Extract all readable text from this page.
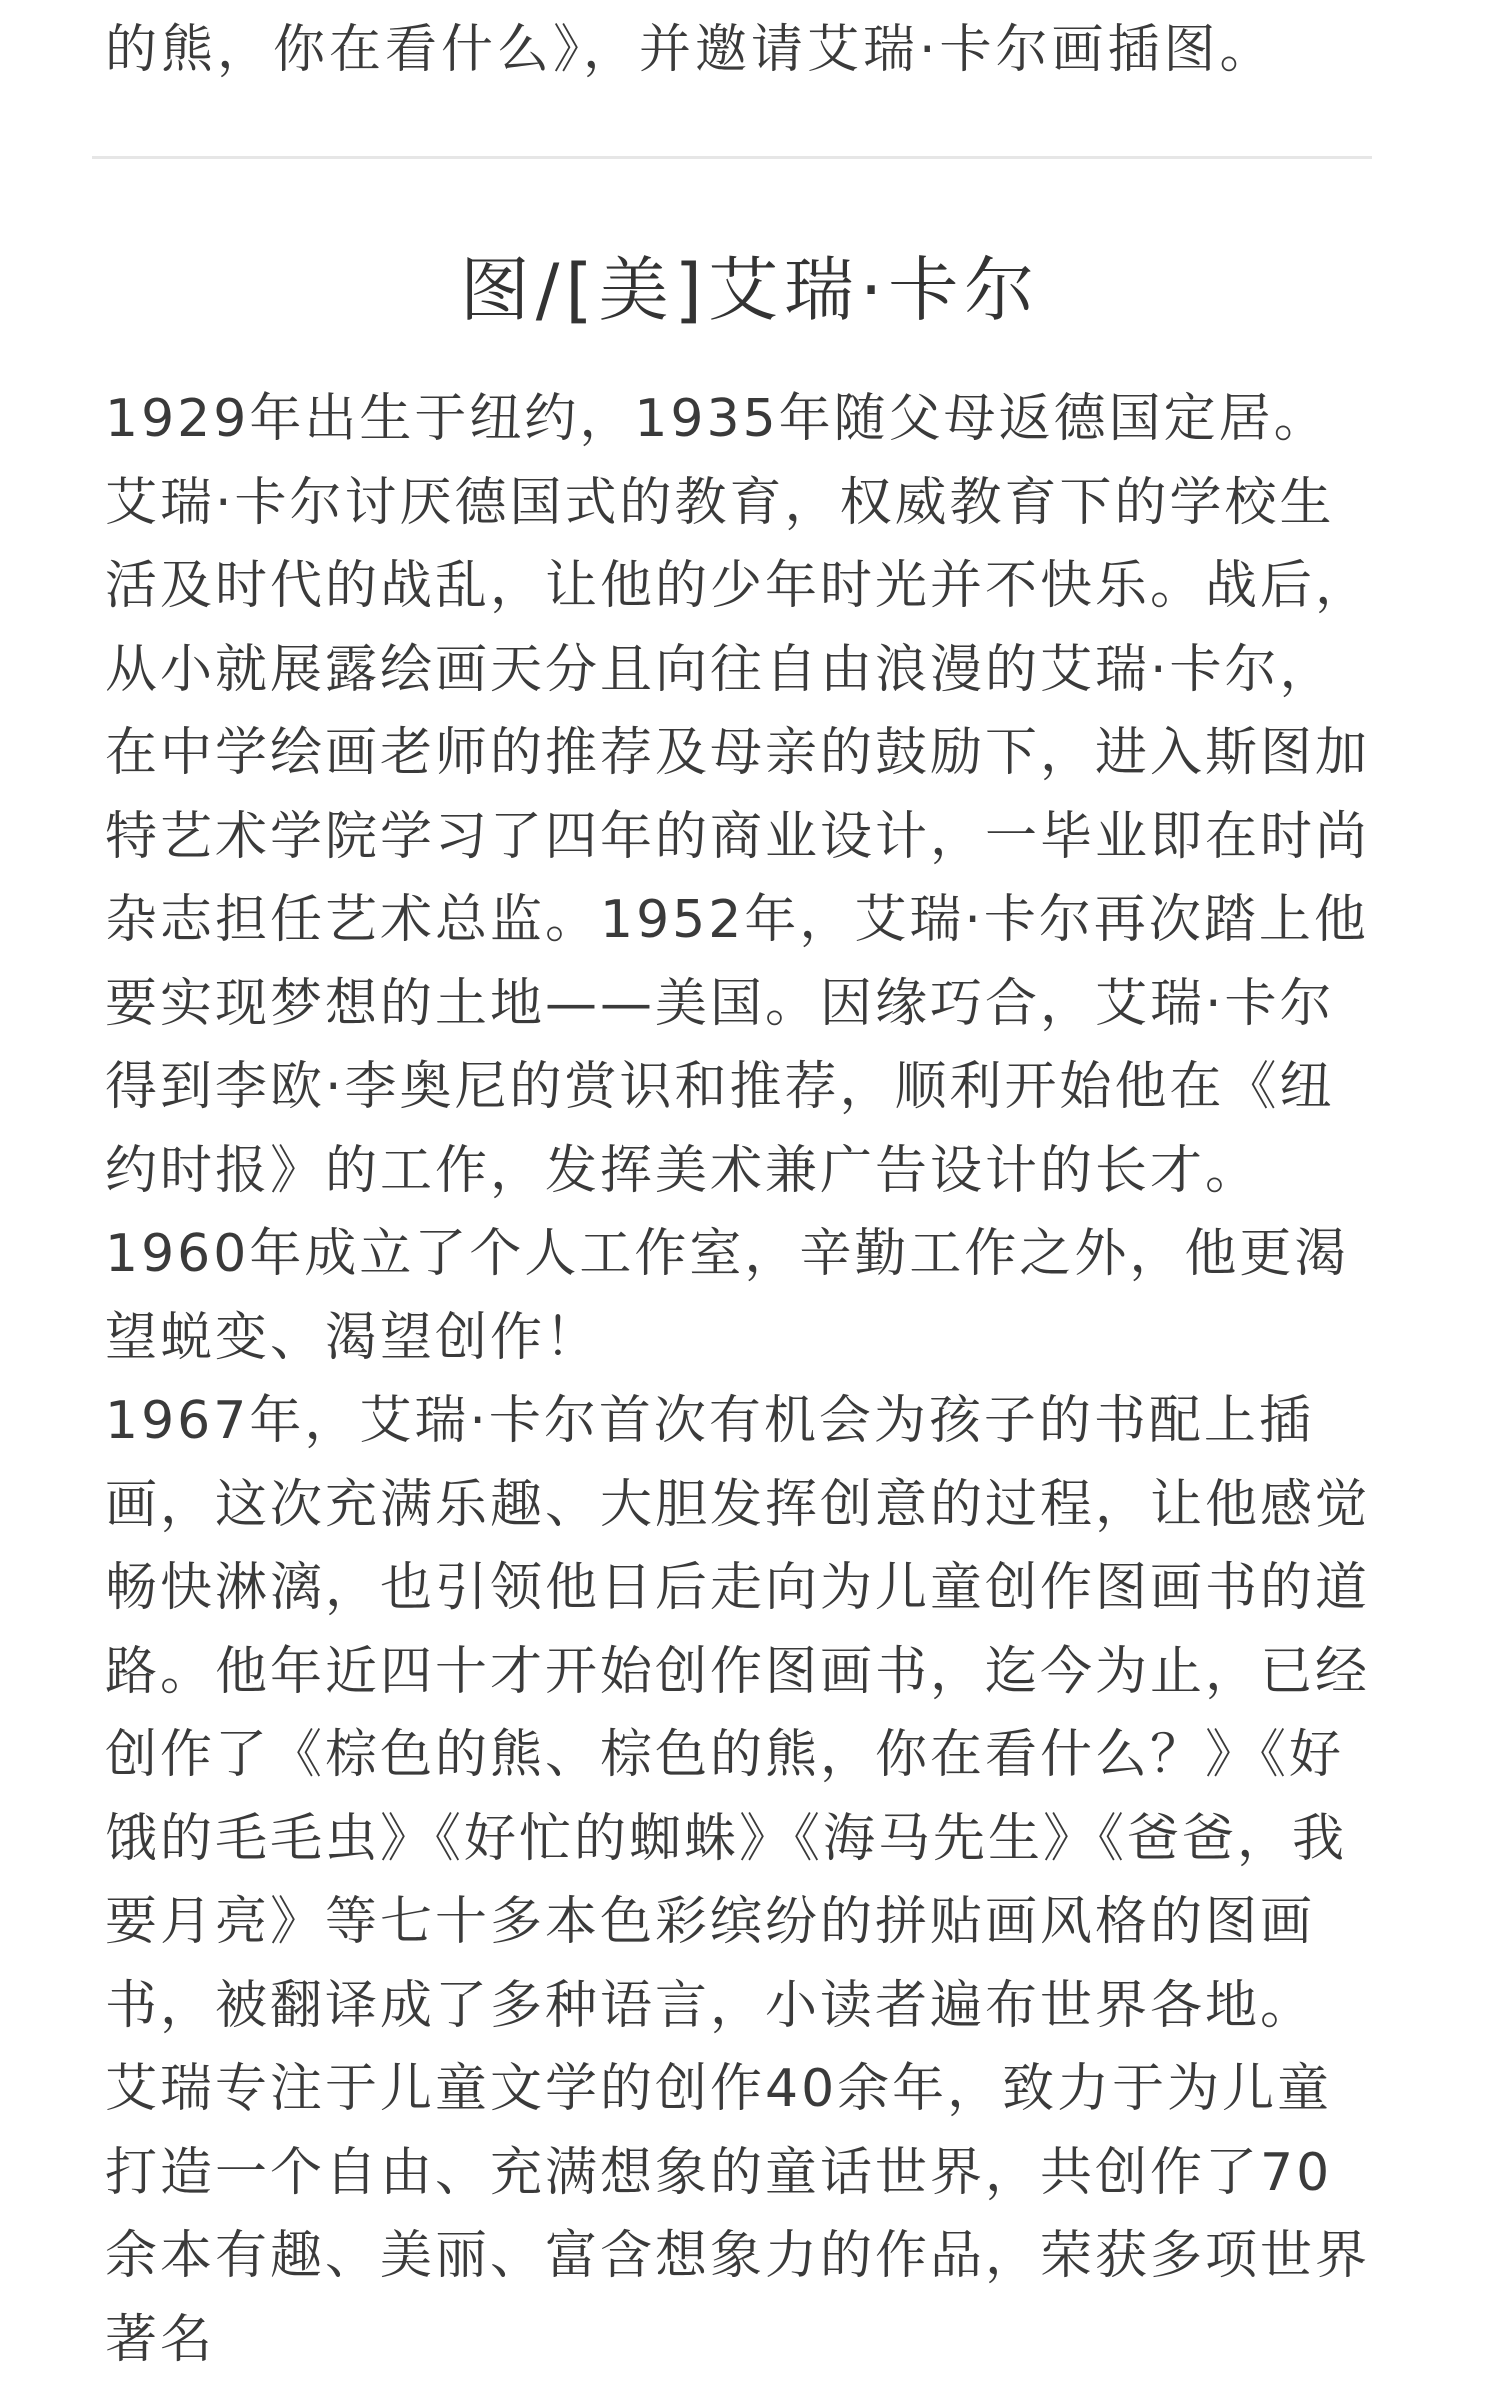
的熊，你在看什么》，并邀请艾瑞·卡尔画插图。
图/[美]艾瑞·卡尔

1929年出生于纽约，1935年随父母返德国定居。艾瑞·卡尔讨厌德国式的教育，权威教育下的学校生活及时代的战乱，让他的少年时光并不快乐。战后，从小就展露绘画天分且向往自由浪漫的艾瑞·卡尔，在中学绘画老师的推荐及母亲的鼓励下，进入斯图加特艺术学院学习了四年的商业设计，一毕业即在时尚杂志担任艺术总监。1952年，艾瑞·卡尔再次踏上他要实现梦想的土地——美国。因缘巧合，艾瑞·卡尔得到李欧·李奥尼的赏识和推荐，顺利开始他在《纽约时报》的工作，发挥美术兼广告设计的长才。1960年成立了个人工作室，辛勤工作之外，他更渴望蜕变、渴望创作！

1967年，艾瑞·卡尔首次有机会为孩子的书配上插画，这次充满乐趣、大胆发挥创意的过程，让他感觉畅快淋漓，也引领他日后走向为儿童创作图画书的道路。他年近四十才开始创作图画书，迄今为止，已经创作了《棕色的熊、棕色的熊，你在看什么？》《好饿的毛毛虫》《好忙的蜘蛛》《海马先生》《爸爸，我要月亮》等七十多本色彩缤纷的拼贴画风格的图画书，被翻译成了多种语言，小读者遍布世界各地。

艾瑞专注于儿童文学的创作40余年，致力于为儿童打造一个自由、充满想象的童话世界，共创作了70余本有趣、美丽、富含想象力的作品，荣获多项世界著名
